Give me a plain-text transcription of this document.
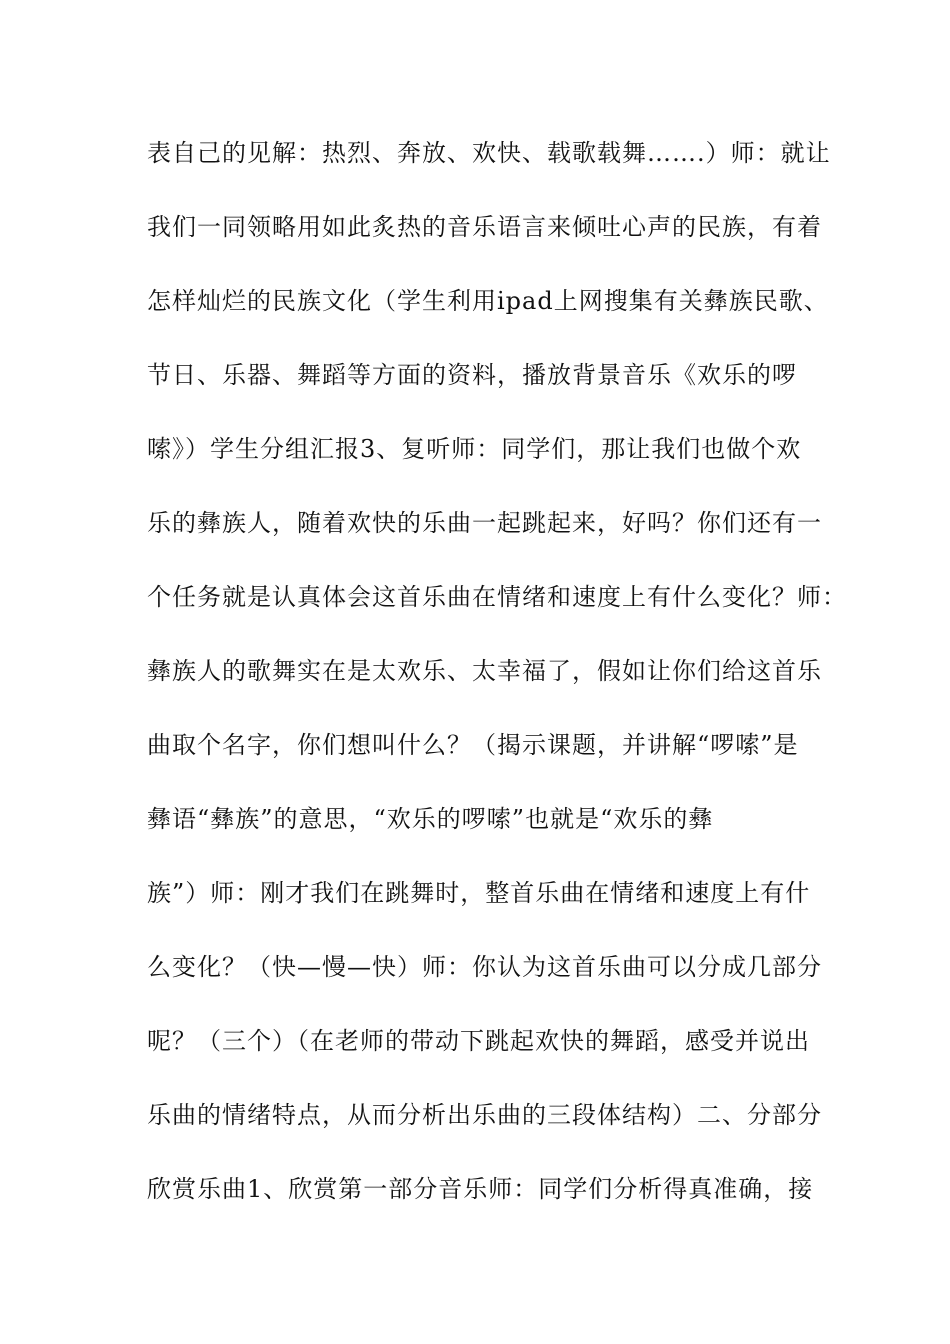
表自己的见解：热烈、奔放、欢快、载歌载舞…….）师：就让
我们一同领略用如此炙热的音乐语言来倾吐心声的民族，有着
怎样灿烂的民族文化（学生利用ipad上网搜集有关彝族民歌、
节日、乐器、舞蹈等方面的资料，播放背景音乐《欢乐的啰
嗦》）学生分组汇报3、复听师：同学们，那让我们也做个欢
乐的彝族人，随着欢快的乐曲一起跳起来，好吗？你们还有一
个任务就是认真体会这首乐曲在情绪和速度上有什么变化？师：
彝族人的歌舞实在是太欢乐、太幸福了，假如让你们给这首乐
曲取个名字，你们想叫什么？（揭示课题，并讲解“啰嗦”是
彝语“彝族”的意思，“欢乐的啰嗦”也就是“欢乐的彝
族”）师：刚才我们在跳舞时，整首乐曲在情绪和速度上有什
么变化？（快—慢—快）师：你认为这首乐曲可以分成几部分
呢？（三个）（在老师的带动下跳起欢快的舞蹈，感受并说出
乐曲的情绪特点，从而分析出乐曲的三段体结构）二、分部分
欣赏乐曲1、欣赏第一部分音乐师：同学们分析得真准确，接
